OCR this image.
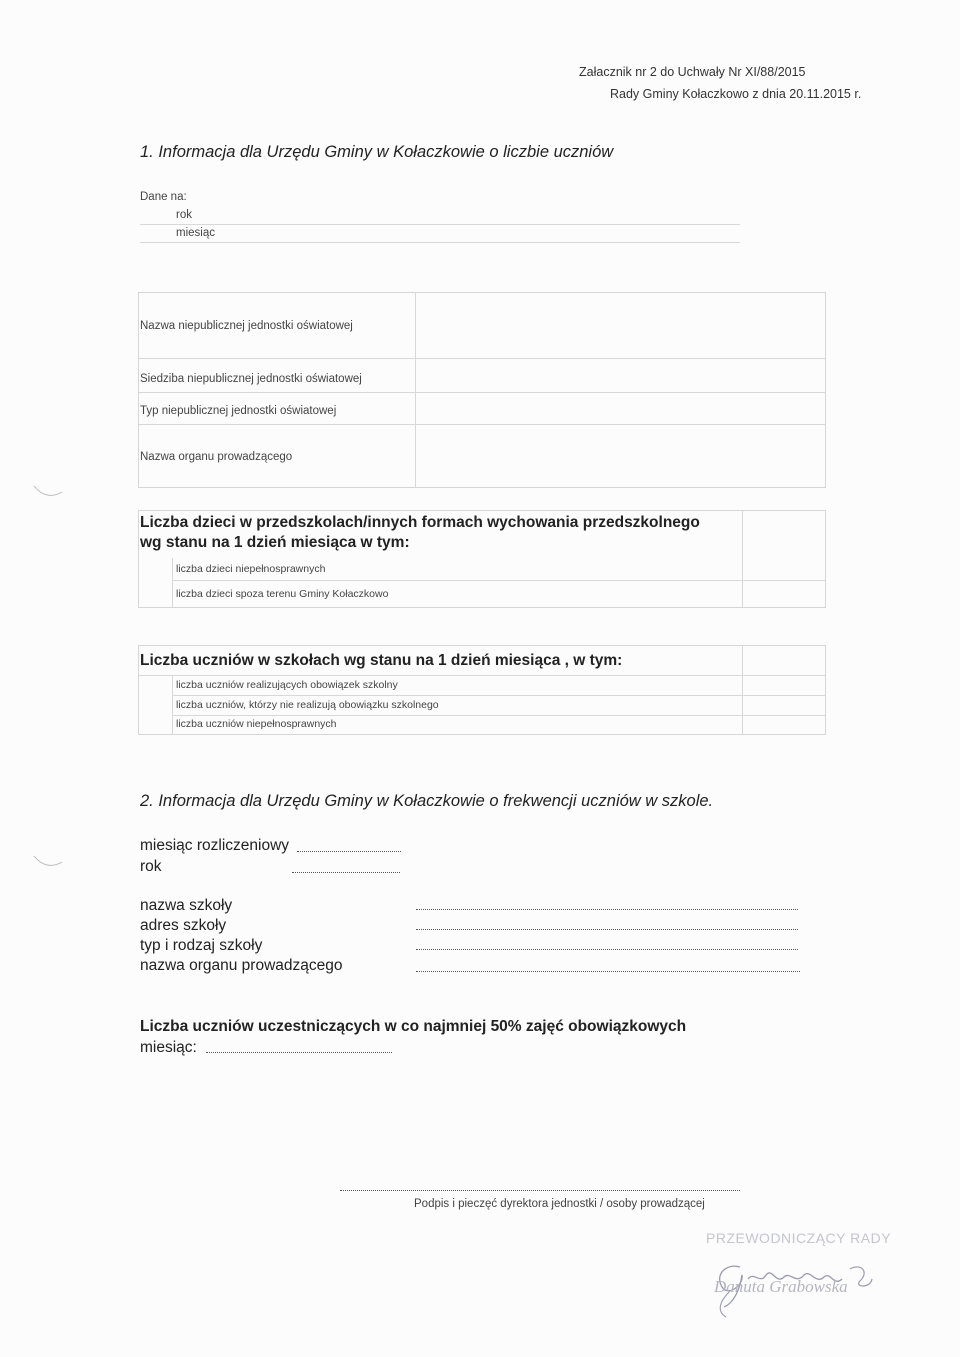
Załacznik nr 2 do Uchwały Nr XI/88/2015
Rady Gminy Kołaczkowo z dnia 20.11.2015 r.
1. Informacja dla Urzędu Gminy w Kołaczkowie o liczbie uczniów
Dane na:
rok
miesiąc
Nazwa niepublicznej jednostki oświatowej
Siedziba niepublicznej jednostki oświatowej
Typ niepublicznej jednostki oświatowej
Nazwa organu prowadzącego
Liczba dzieci w przedszkolach/innych formach wychowania przedszkolnego
wg stanu na 1 dzień miesiąca w tym:
liczba dzieci niepełnosprawnych
liczba dzieci spoza terenu Gminy Kołaczkowo
Liczba uczniów w szkołach wg stanu na 1 dzień miesiąca , w tym:
liczba uczniów realizujących obowiązek szkolny
liczba uczniów, którzy nie realizują obowiązku szkolnego
liczba uczniów niepełnosprawnych
2. Informacja dla Urzędu Gminy w Kołaczkowie o frekwencji uczniów w szkole.
miesiąc rozliczeniowy
rok
nazwa szkoły
adres szkoły
typ i rodzaj szkoły
nazwa organu prowadzącego
Liczba uczniów uczestniczących w co najmniej 50% zajęć obowiązkowych
miesiąc:
Podpis i pieczęć dyrektora jednostki / osoby prowadzącej
PRZEWODNICZĄCY RADY
Danuta Grabowska
